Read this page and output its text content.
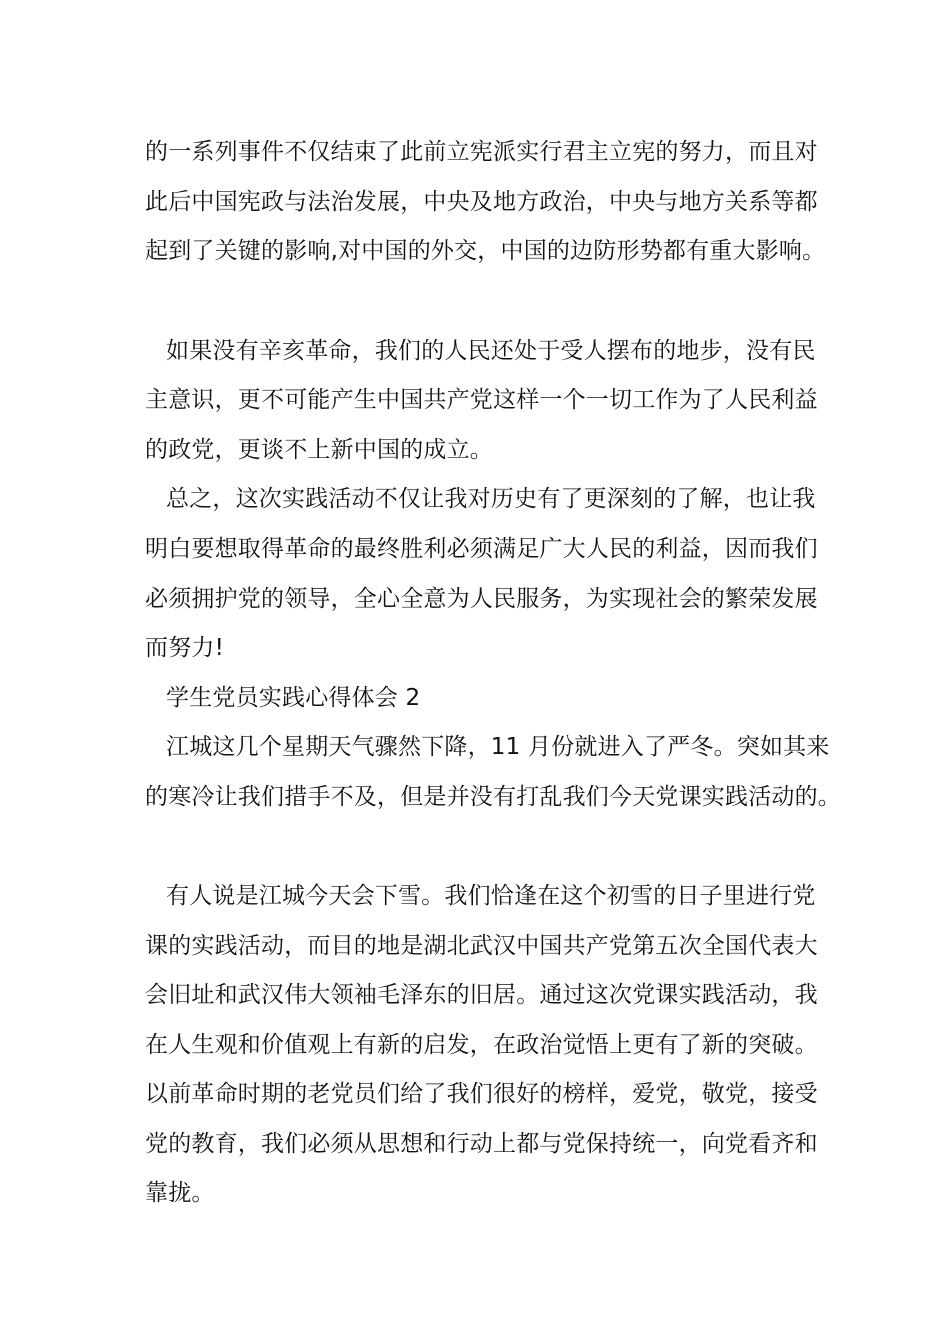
的一系列事件不仅结束了此前立宪派实行君主立宪的努力，而且对
此后中国宪政与法治发展，中央及地方政治，中央与地方关系等都
起到了关键的影响,对中国的外交，中国的边防形势都有重大影响。
如果没有辛亥革命，我们的人民还处于受人摆布的地步，没有民
主意识，更不可能产生中国共产党这样一个一切工作为了人民利益
的政党，更谈不上新中国的成立。
总之，这次实践活动不仅让我对历史有了更深刻的了解，也让我
明白要想取得革命的最终胜利必须满足广大人民的利益，因而我们
必须拥护党的领导，全心全意为人民服务，为实现社会的繁荣发展
而努力!
学生党员实践心得体会 2
江城这几个星期天气骤然下降，11 月份就进入了严冬。突如其来
的寒冷让我们措手不及，但是并没有打乱我们今天党课实践活动的。
有人说是江城今天会下雪。我们恰逢在这个初雪的日子里进行党
课的实践活动，而目的地是湖北武汉中国共产党第五次全国代表大
会旧址和武汉伟大领袖毛泽东的旧居。通过这次党课实践活动，我
在人生观和价值观上有新的启发，在政治觉悟上更有了新的突破。
以前革命时期的老党员们给了我们很好的榜样，爱党，敬党，接受
党的教育，我们必须从思想和行动上都与党保持统一，向党看齐和
靠拢。
